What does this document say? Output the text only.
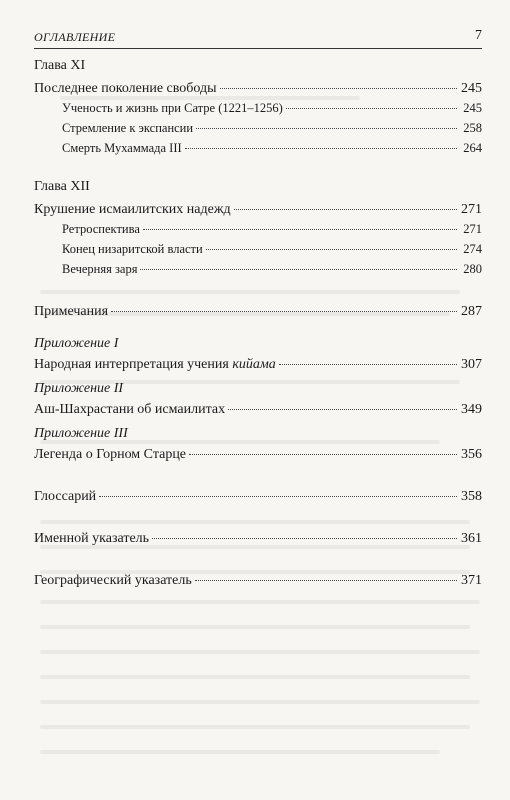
ОГЛАВЛЕНИЕ	7
Глава XI
Последнее поколение свободы	245
Ученость и жизнь при Сатре (1221–1256)	245
Стремление к экспансии	258
Смерть Мухаммада III	264
Глава XII
Крушение исмаилитских надежд	271
Ретроспектива	271
Конец низаритской власти	274
Вечерняя заря	280
Примечания	287
Приложение I
Народная интерпретация учения кийама	307
Приложение II
Аш-Шахрастани об исмаилитах	349
Приложение III
Легенда о Горном Старце	356
Глоссарий	358
Именной указатель	361
Географический указатель	371
